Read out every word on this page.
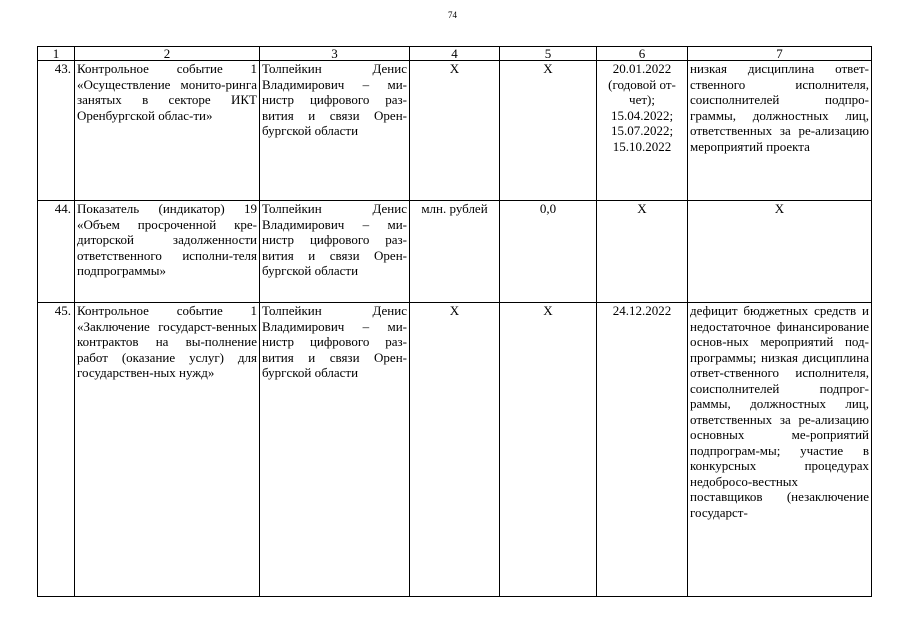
74
1	2	3	4	5	6	7
43.	Контрольное событие 1 «Осуществление монито-ринга занятых в секторе ИКТ Оренбургской облас-ти»	Толпейкин Денис Владимирович – ми-нистр цифрового раз-вития и связи Орен-бургской области	X	X	20.01.2022 (годовой от-чет); 15.04.2022; 15.07.2022; 15.10.2022	низкая дисциплина ответ-ственного исполнителя, соисполнителей подпро-граммы, должностных лиц, ответственных за ре-ализацию мероприятий проекта
44.	Показатель (индикатор) 19 «Объем просроченной кре-диторской задолженности ответственного исполни-теля подпрограммы»	Толпейкин Денис Владимирович – ми-нистр цифрового раз-вития и связи Орен-бургской области	млн. рублей	0,0	X	X
45.	Контрольное событие 1 «Заключение государст-венных контрактов на вы-полнение работ (оказание услуг) для государствен-ных нужд»	Толпейкин Денис Владимирович – ми-нистр цифрового раз-вития и связи Орен-бургской области	X	X	24.12.2022	дефицит бюджетных средств и недостаточное финансирование основ-ных мероприятий под-программы; низкая дисциплина ответ-ственного исполнителя, соисполнителей подпрог-раммы, должностных лиц, ответственных за ре-ализацию основных ме-роприятий подпрограм-мы; участие в конкурсных процедурах недобросо-вестных поставщиков (незаключение государст-
